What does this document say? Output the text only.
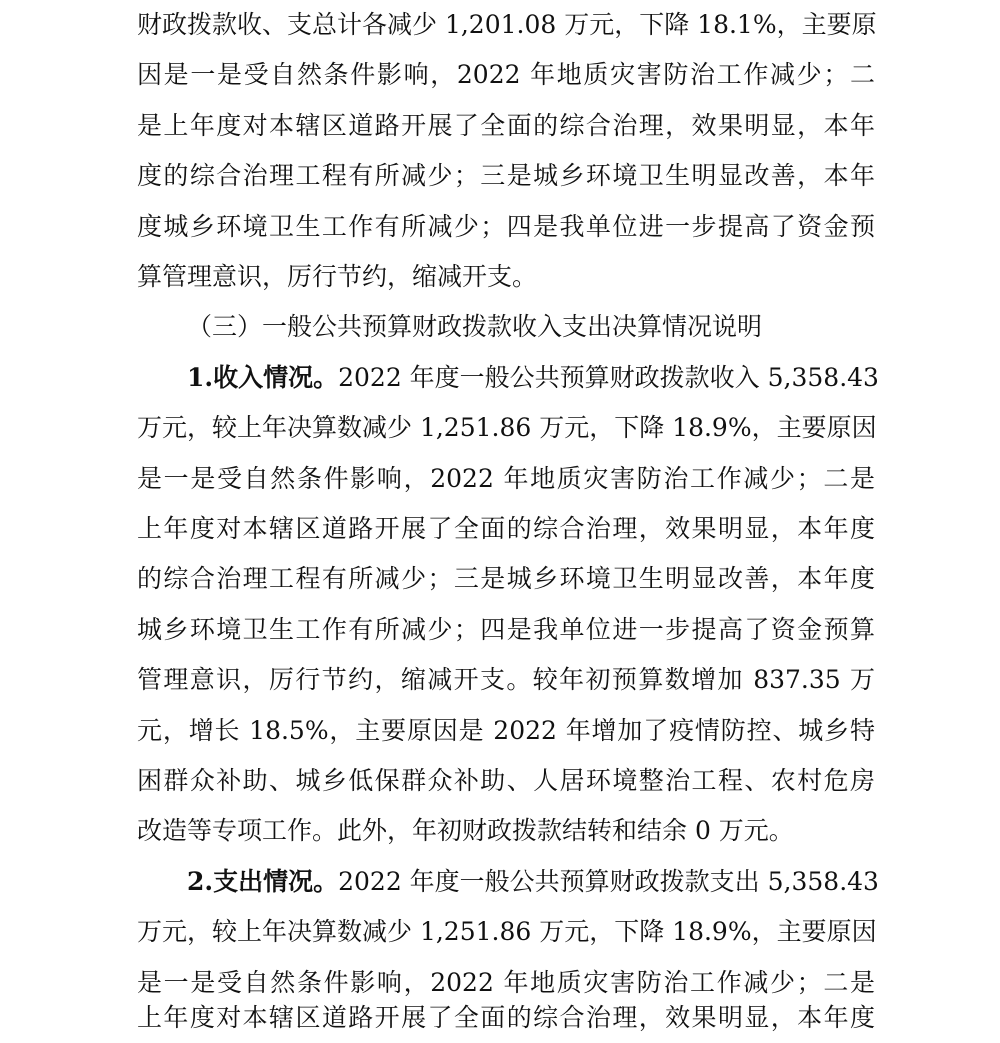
财政拨款收、支总计各减少 1,201.08 万元，下降 18.1%，主要原
因是一是受自然条件影响，2022 年地质灾害防治工作减少；二
是上年度对本辖区道路开展了全面的综合治理，效果明显，本年
度的综合治理工程有所减少；三是城乡环境卫生明显改善，本年
度城乡环境卫生工作有所减少；四是我单位进一步提高了资金预
算管理意识，厉行节约，缩减开支。
（三）一般公共预算财政拨款收入支出决算情况说明
1.收入情况。2022 年度一般公共预算财政拨款收入 5,358.43
万元，较上年决算数减少 1,251.86 万元，下降 18.9%，主要原因
是一是受自然条件影响，2022 年地质灾害防治工作减少；二是
上年度对本辖区道路开展了全面的综合治理，效果明显，本年度
的综合治理工程有所减少；三是城乡环境卫生明显改善，本年度
城乡环境卫生工作有所减少；四是我单位进一步提高了资金预算
管理意识，厉行节约，缩减开支。较年初预算数增加 837.35 万
元，增长 18.5%，主要原因是 2022 年增加了疫情防控、城乡特
困群众补助、城乡低保群众补助、人居环境整治工程、农村危房
改造等专项工作。此外，年初财政拨款结转和结余 0 万元。
2.支出情况。2022 年度一般公共预算财政拨款支出 5,358.43
万元，较上年决算数减少 1,251.86 万元，下降 18.9%，主要原因
是一是受自然条件影响，2022 年地质灾害防治工作减少；二是
上年度对本辖区道路开展了全面的综合治理，效果明显，本年度
